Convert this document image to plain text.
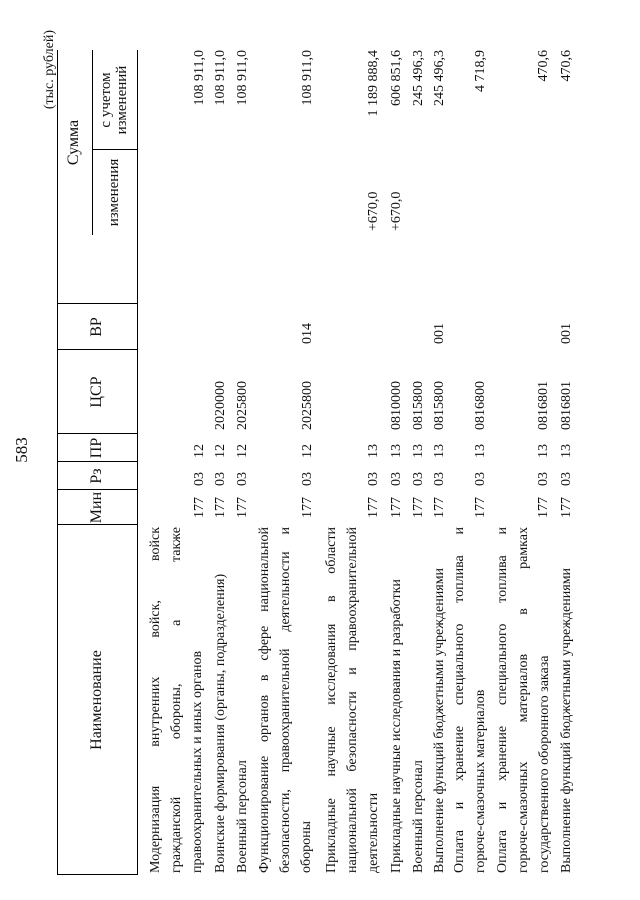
583
(тыс. рублей)
Наименование
Мин
Рз
ПР
ЦСР
ВР
Сумма
изменения
с учетом изменений
Модернизация внутренних войск, войск гражданской обороны, а также правоохранительных и иных органов
177
03
12
108 911,0
Воинские формирования (органы, подразделения)
177
03
12
2020000
108 911,0
Военный персонал
177
03
12
2025800
108 911,0
Функционирование органов в сфере национальной безопасности, правоохранительной деятельности и обороны
177
03
12
2025800
014
108 911,0
Прикладные научные исследования в области национальной безопасности и правоохранительной деятельности
177
03
13
+670,0
1 189 888,4
Прикладные научные исследования и разработки
177
03
13
0810000
+670,0
606 851,6
Военный персонал
177
03
13
0815800
245 496,3
Выполнение функций бюджетными учреждениями
177
03
13
0815800
001
245 496,3
Оплата и хранение специального топлива и горюче-смазочных материалов
177
03
13
0816800
4 718,9
Оплата и хранение специального топлива и горюче-смазочных материалов в рамках государственного оборонного заказа
177
03
13
0816801
470,6
Выполнение функций бюджетными учреждениями
177
03
13
0816801
001
470,6
